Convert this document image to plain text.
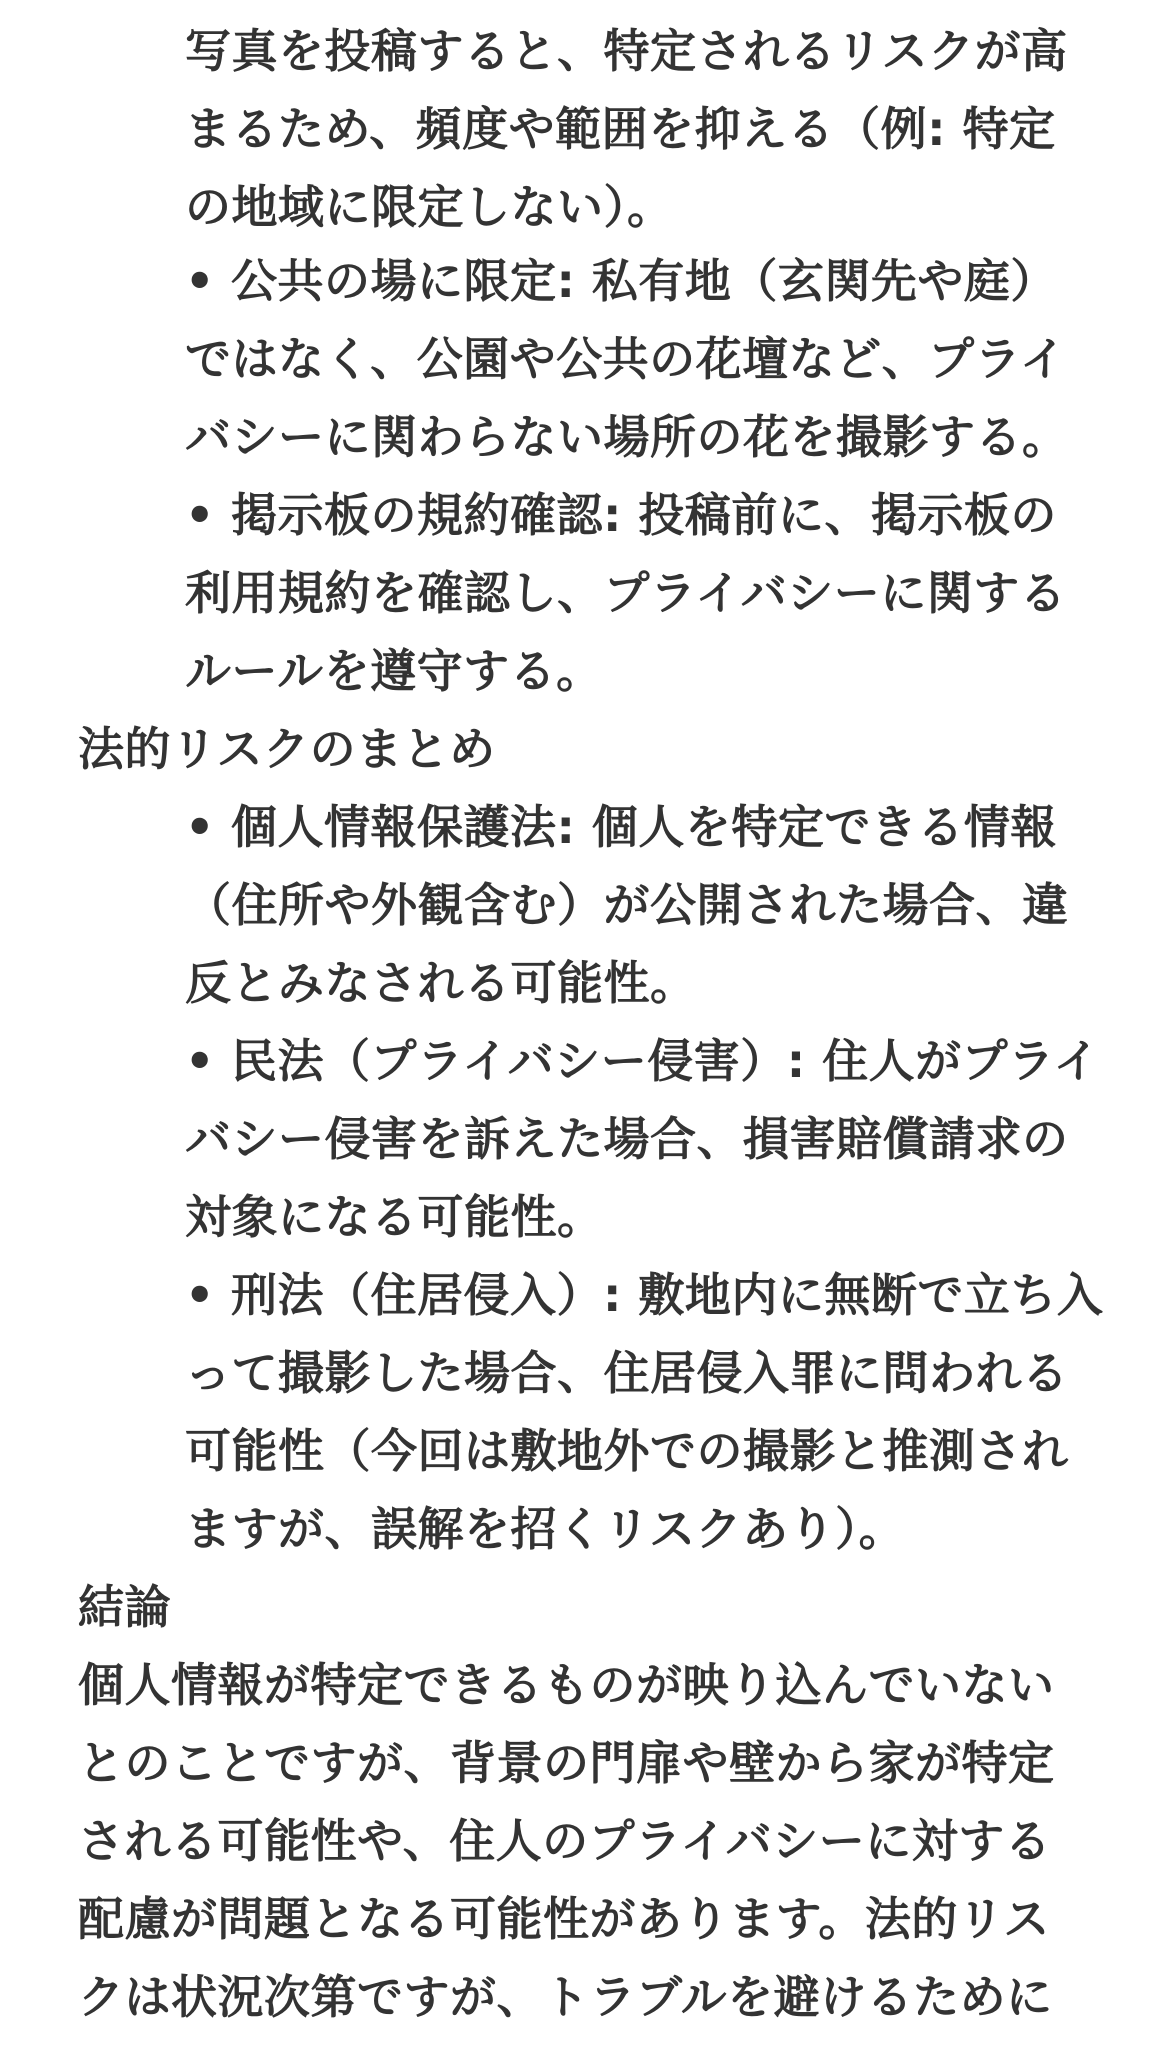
写真を投稿すると、特定されるリスクが高
まるため、頻度や範囲を抑える（例: 特定
の地域に限定しない）。
• 公共の場に限定: 私有地（玄関先や庭）
ではなく、公園や公共の花壇など、プライ
バシーに関わらない場所の花を撮影する。
• 掲示板の規約確認: 投稿前に、掲示板の
利用規約を確認し、プライバシーに関する
ルールを遵守する。
法的リスクのまとめ
• 個人情報保護法: 個人を特定できる情報
（住所や外観含む）が公開された場合、違
反とみなされる可能性。
• 民法（プライバシー侵害）: 住人がプライ
バシー侵害を訴えた場合、損害賠償請求の
対象になる可能性。
• 刑法（住居侵入）: 敷地内に無断で立ち入
って撮影した場合、住居侵入罪に問われる
可能性（今回は敷地外での撮影と推測され
ますが、誤解を招くリスクあり）。
結論
個人情報が特定できるものが映り込んでいない
とのことですが、背景の門扉や壁から家が特定
される可能性や、住人のプライバシーに対する
配慮が問題となる可能性があります。法的リス
クは状況次第ですが、トラブルを避けるために
